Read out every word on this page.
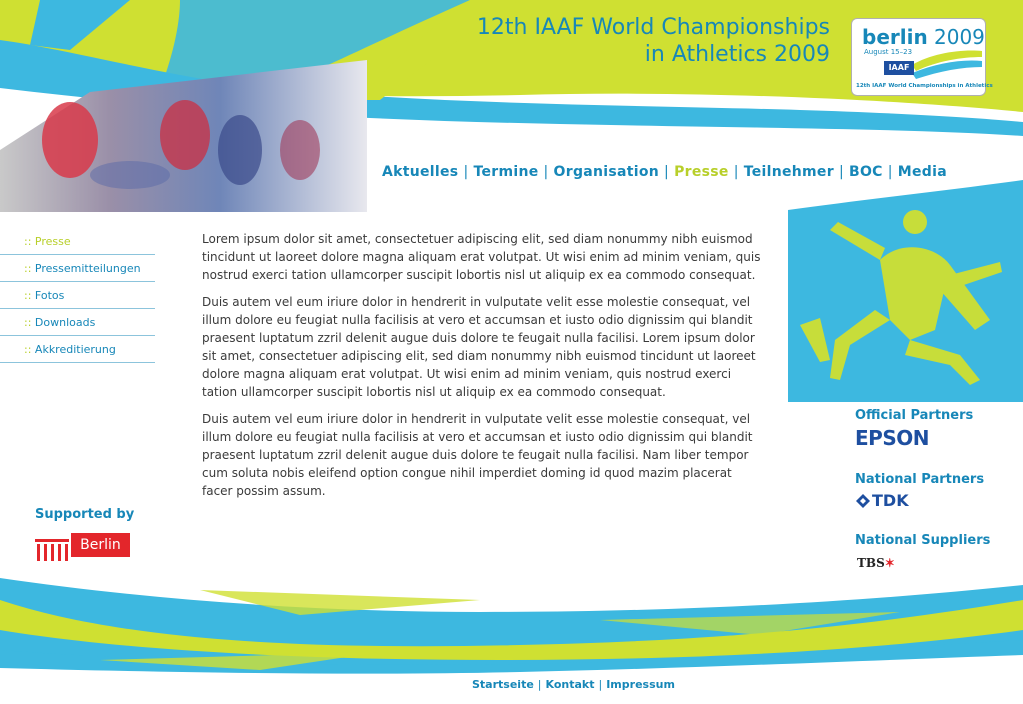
12th IAAF World Championships
in Athletics 2009
berlin 2009
August 15–23
IAAF
12th IAAF World Championships in Athletics
Aktuelles | Termine | Organisation | Presse | Teilnehmer | BOC | Media
:: Presse
:: Pressemitteilungen
:: Fotos
:: Downloads
:: Akkreditierung

Lorem ipsum dolor sit amet, consectetuer adipiscing elit, sed diam nonummy nibh euismod tincidunt ut laoreet dolore magna aliquam erat volutpat. Ut wisi enim ad minim veniam, quis nostrud exerci tation ullamcorper suscipit lobortis nisl ut aliquip ex ea commodo consequat.

Duis autem vel eum iriure dolor in hendrerit in vulputate velit esse molestie consequat, vel illum dolore eu feugiat nulla facilisis at vero et accumsan et iusto odio dignissim qui blandit praesent luptatum zzril delenit augue duis dolore te feugait nulla facilisi. Lorem ipsum dolor sit amet, consectetuer adipiscing elit, sed diam nonummy nibh euismod tincidunt ut laoreet dolore magna aliquam erat volutpat. Ut wisi enim ad minim veniam, quis nostrud exerci tation ullamcorper suscipit lobortis nisl ut aliquip ex ea commodo consequat.

Duis autem vel eum iriure dolor in hendrerit in vulputate velit esse molestie consequat, vel illum dolore eu feugiat nulla facilisis at vero et accumsan et iusto odio dignissim qui blandit praesent luptatum zzril delenit augue duis dolore te feugait nulla facilisi. Nam liber tempor cum soluta nobis eleifend option congue nihil imperdiet doming id quod mazim placerat facer possim assum.

Supported by
Berlin
Official Partners
EPSON
National Partners
TDK
National Suppliers
TBS✶
Startseite | Kontakt | Impressum
